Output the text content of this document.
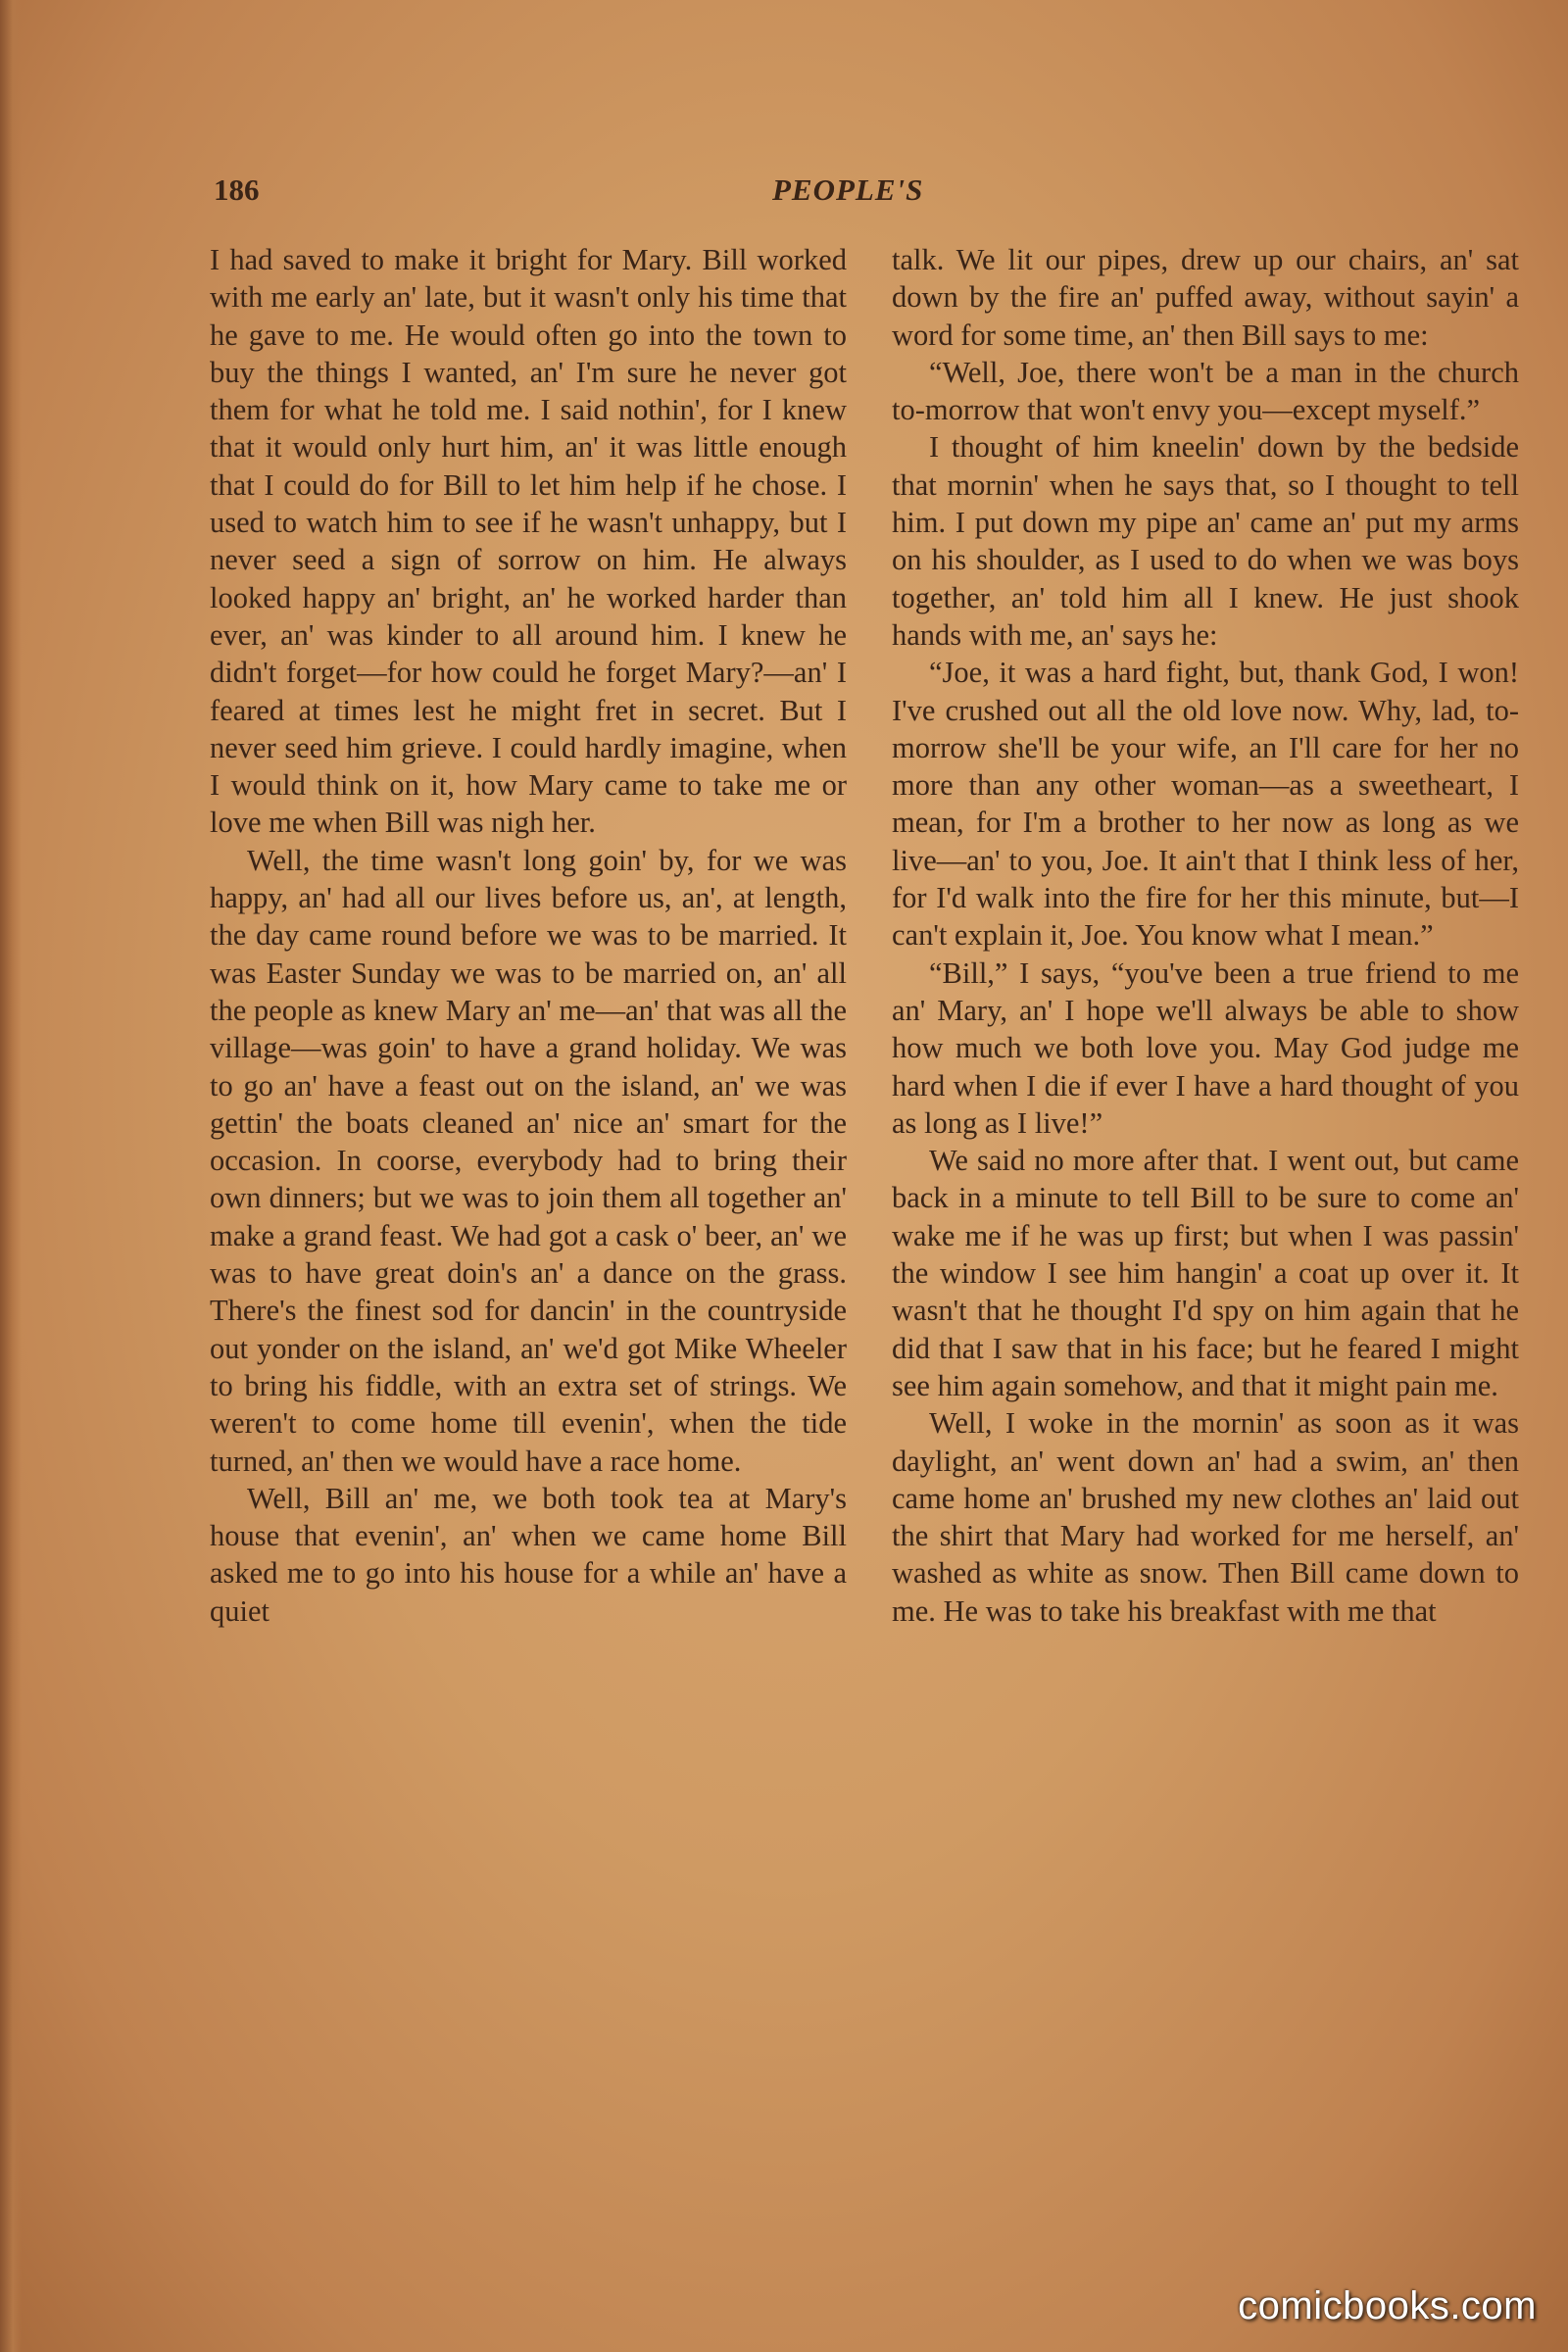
186	PEOPLE'S

I had saved to make it bright for Mary. Bill worked with me early an' late, but it wasn't only his time that he gave to me. He would often go into the town to buy the things I wanted, an' I'm sure he never got them for what he told me. I said nothin', for I knew that it would only hurt him, an' it was little enough that I could do for Bill to let him help if he chose. I used to watch him to see if he wasn't unhappy, but I never seed a sign of sorrow on him. He always looked happy an' bright, an' he worked harder than ever, an' was kinder to all around him. I knew he didn't forget—for how could he forget Mary?—an' I feared at times lest he might fret in secret. But I never seed him grieve. I could hardly imagine, when I would think on it, how Mary came to take me or love me when Bill was nigh her.

Well, the time wasn't long goin' by, for we was happy, an' had all our lives before us, an', at length, the day came round before we was to be married. It was Easter Sunday we was to be married on, an' all the people as knew Mary an' me—an' that was all the village—was goin' to have a grand holiday. We was to go an' have a feast out on the island, an' we was gettin' the boats cleaned an' nice an' smart for the occasion. In coorse, everybody had to bring their own dinners; but we was to join them all together an' make a grand feast. We had got a cask o' beer, an' we was to have great doin's an' a dance on the grass. There's the finest sod for dancin' in the countryside out yonder on the island, an' we'd got Mike Wheeler to bring his fiddle, with an extra set of strings. We weren't to come home till evenin', when the tide turned, an' then we would have a race home.

Well, Bill an' me, we both took tea at Mary's house that evenin', an' when we came home Bill asked me to go into his house for a while an' have a quiet

talk. We lit our pipes, drew up our chairs, an' sat down by the fire an' puffed away, without sayin' a word for some time, an' then Bill says to me:

“Well, Joe, there won't be a man in the church to-morrow that won't envy you—except myself.”

I thought of him kneelin' down by the bedside that mornin' when he says that, so I thought to tell him. I put down my pipe an' came an' put my arms on his shoulder, as I used to do when we was boys together, an' told him all I knew. He just shook hands with me, an' says he:

“Joe, it was a hard fight, but, thank God, I won! I've crushed out all the old love now. Why, lad, to-morrow she'll be your wife, an I'll care for her no more than any other woman—as a sweetheart, I mean, for I'm a brother to her now as long as we live—an' to you, Joe. It ain't that I think less of her, for I'd walk into the fire for her this minute, but—I can't explain it, Joe. You know what I mean.”

“Bill,” I says, “you've been a true friend to me an' Mary, an' I hope we'll always be able to show how much we both love you. May God judge me hard when I die if ever I have a hard thought of you as long as I live!”

We said no more after that. I went out, but came back in a minute to tell Bill to be sure to come an' wake me if he was up first; but when I was passin' the window I see him hangin' a coat up over it. It wasn't that he thought I'd spy on him again that he did that I saw that in his face; but he feared I might see him again somehow, and that it might pain me.

Well, I woke in the mornin' as soon as it was daylight, an' went down an' had a swim, an' then came home an' brushed my new clothes an' laid out the shirt that Mary had worked for me herself, an' washed as white as snow. Then Bill came down to me. He was to take his breakfast with me that

comicbooks.com
